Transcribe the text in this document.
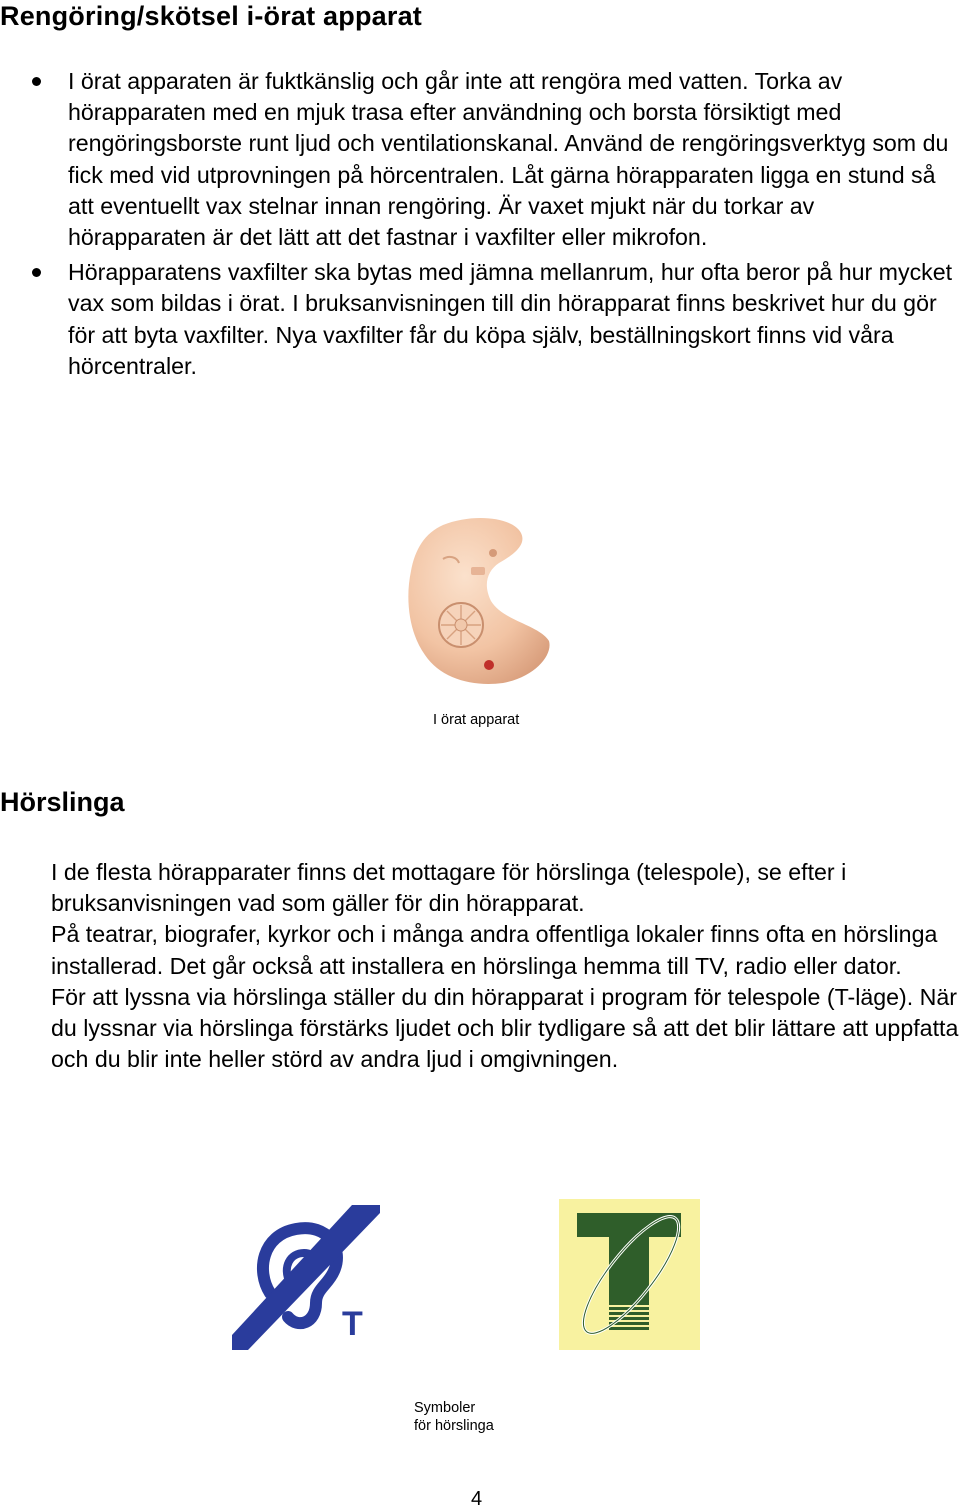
Rengöring/skötsel i-örat apparat
I örat apparaten är fuktkänslig och går inte att rengöra med vatten. Torka av hörapparaten med en mjuk trasa efter användning och borsta försiktigt med rengöringsborste runt ljud och ventilationskanal. Använd de rengöringsverktyg som du fick med vid utprovningen på hörcentralen. Låt gärna hörapparaten ligga en stund så att eventuellt vax stelnar innan rengöring. Är vaxet mjukt när du torkar av hörapparaten är det lätt att det fastnar i vaxfilter eller mikrofon.
Hörapparatens vaxfilter ska bytas med jämna mellanrum, hur ofta beror på hur mycket vax som bildas i örat. I bruksanvisningen till din hörapparat finns beskrivet hur du gör för att byta vaxfilter. Nya vaxfilter får du köpa själv, beställningskort finns vid våra hörcentraler.
I örat apparat
Hörslinga

I de flesta hörapparater finns det mottagare för hörslinga (telespole), se efter i bruksanvisningen vad som gäller för din hörapparat.

På teatrar, biografer, kyrkor och i många andra offentliga lokaler finns ofta en hörslinga installerad. Det går också att installera en hörslinga hemma till TV, radio eller dator.

För att lyssna via hörslinga ställer du din hörapparat i program för telespole (T-läge). När du lyssnar via hörslinga förstärks ljudet och blir tydligare så att det blir lättare att uppfatta och du blir inte heller störd av andra ljud i omgivningen.

T
Symboler
för hörslinga
4
